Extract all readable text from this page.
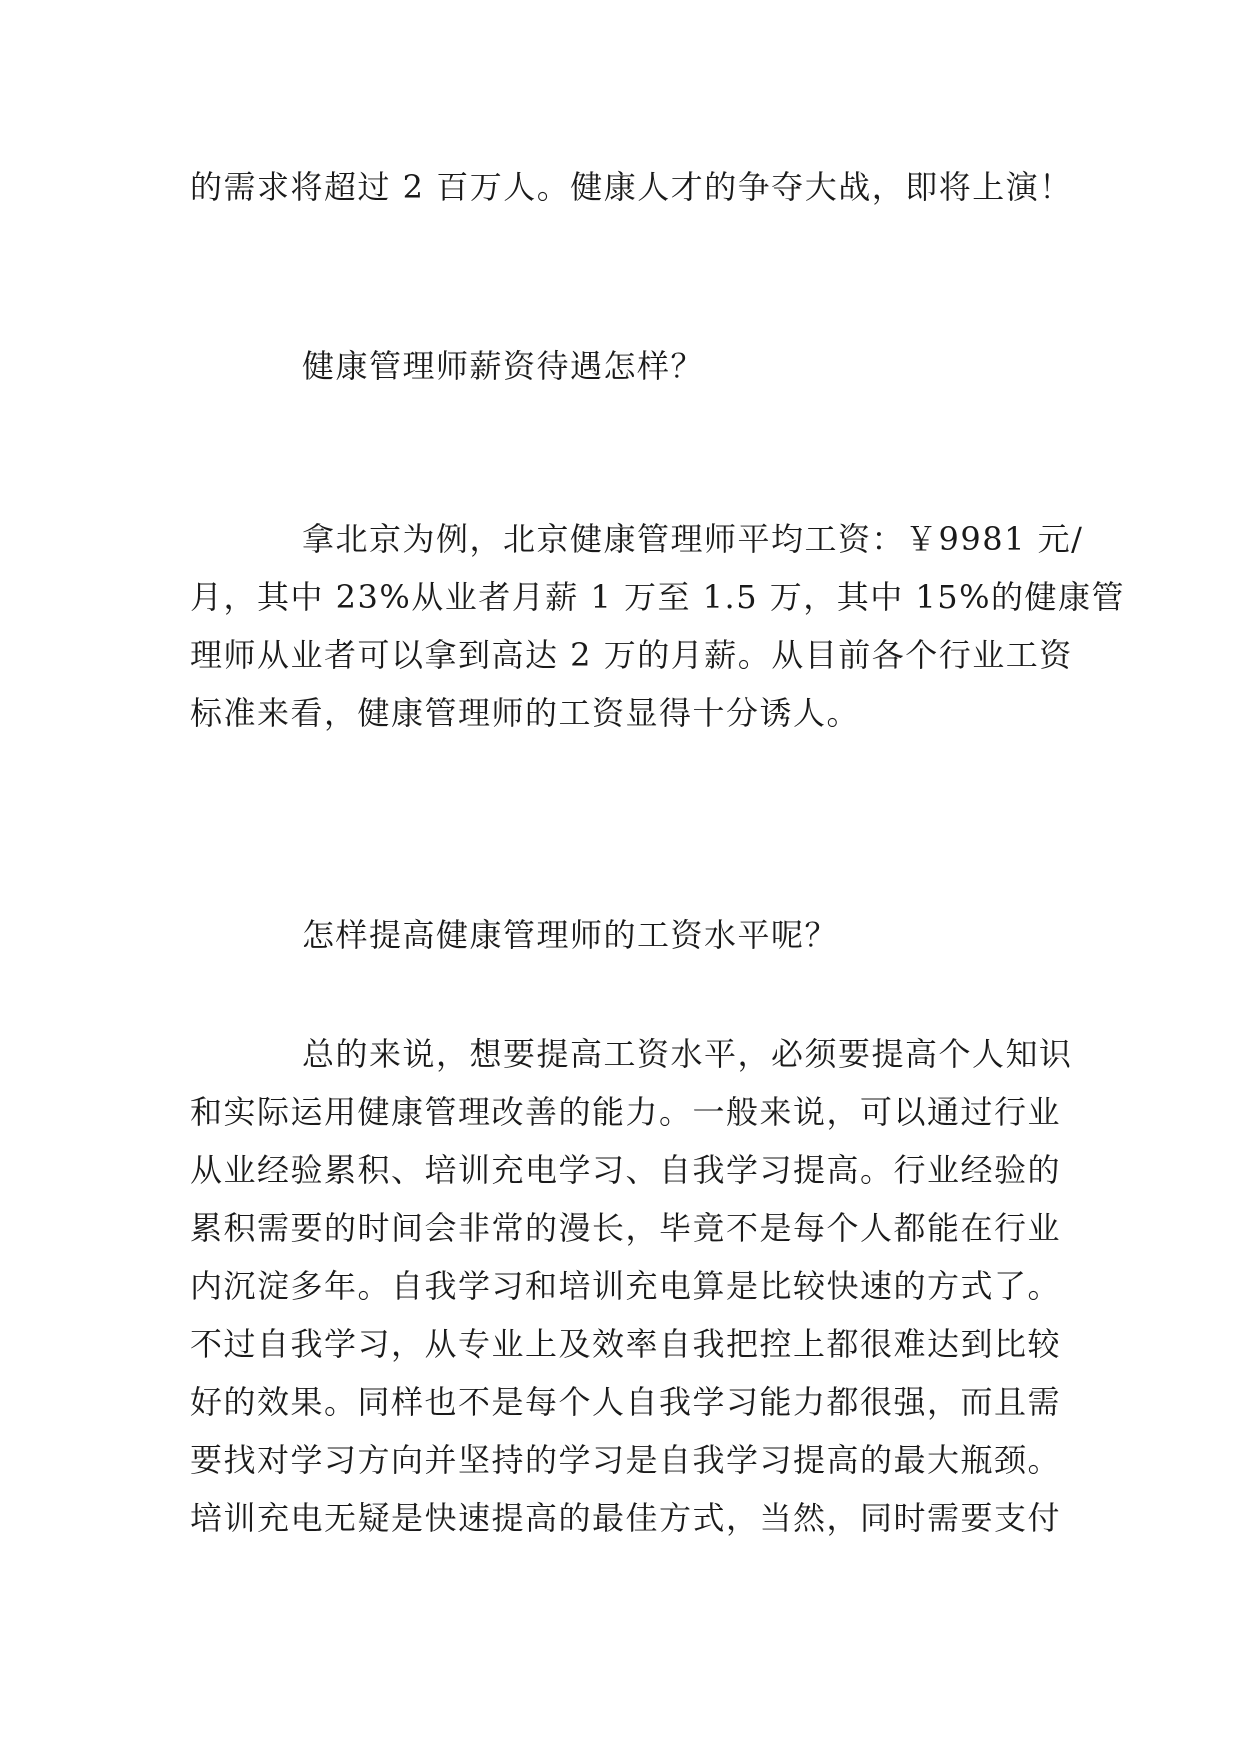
的需求将超过 2 百万人。健康人才的争夺大战，即将上演！

健康管理师薪资待遇怎样？

拿北京为例，北京健康管理师平均工资：￥9981 元/
月，其中 23%从业者月薪 1 万至 1.5 万，其中 15%的健康管
理师从业者可以拿到高达 2 万的月薪。从目前各个行业工资
标准来看，健康管理师的工资显得十分诱人。

怎样提高健康管理师的工资水平呢？

总的来说，想要提高工资水平，必须要提高个人知识
和实际运用健康管理改善的能力。一般来说，可以通过行业
从业经验累积、培训充电学习、自我学习提高。行业经验的
累积需要的时间会非常的漫长，毕竟不是每个人都能在行业
内沉淀多年。自我学习和培训充电算是比较快速的方式了。
不过自我学习，从专业上及效率自我把控上都很难达到比较
好的效果。同样也不是每个人自我学习能力都很强，而且需
要找对学习方向并坚持的学习是自我学习提高的最大瓶颈。
培训充电无疑是快速提高的最佳方式，当然，同时需要支付
